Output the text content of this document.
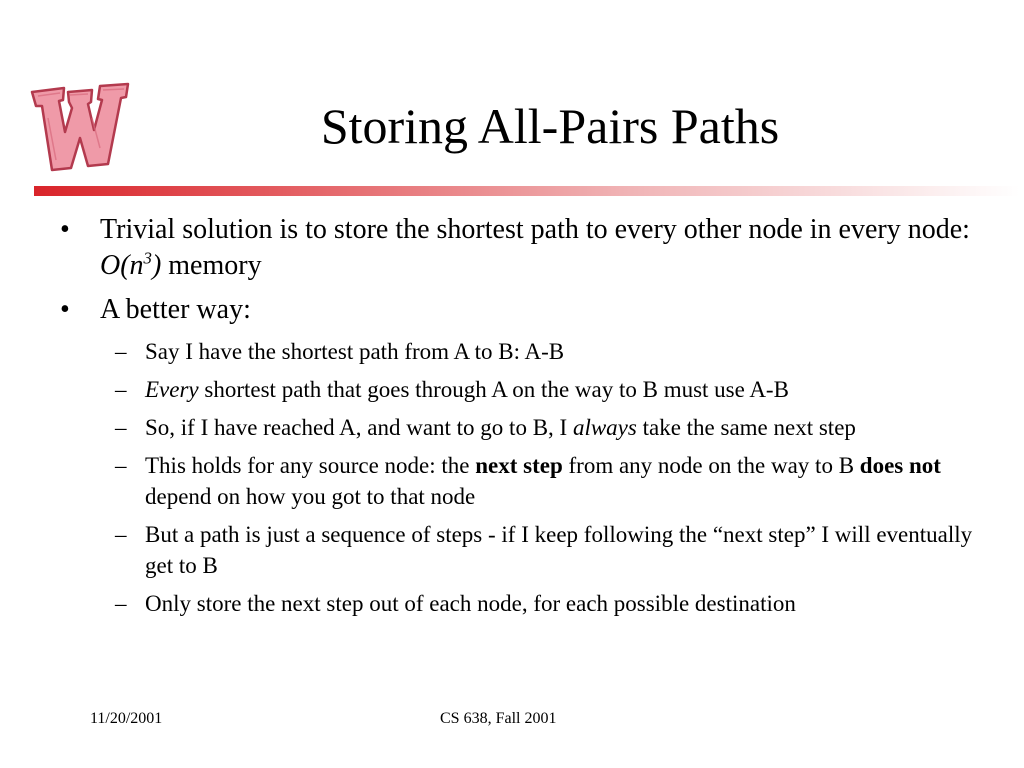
Storing All-Pairs Paths
• Trivial solution is to store the shortest path to every other node in every node: $O(n^3)$ memory
• A better way:
– Say I have the shortest path from A to B: A-B
– Every shortest path that goes through A on the way to B must use A-B
– So, if I have reached A, and want to go to B, I always take the same next step
– This holds for any source node: the next step from any node on the way to B does not depend on how you got to that node
– But a path is just a sequence of steps - if I keep following the “next step” I will eventually get to B
– Only store the next step out of each node, for each possible destination
11/20/2001	CS 638, Fall 2001
